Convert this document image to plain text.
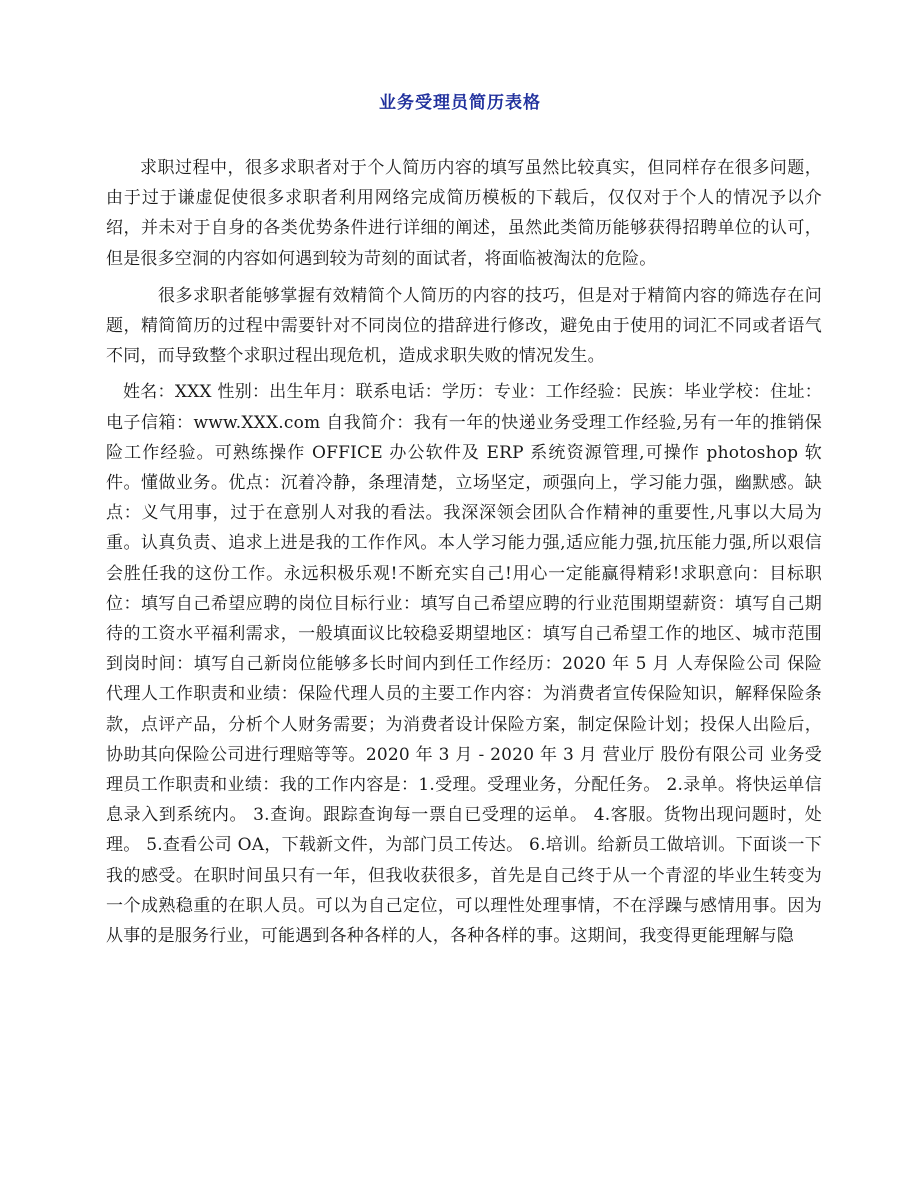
业务受理员简历表格

求职过程中，很多求职者对于个人简历内容的填写虽然比较真实，但同样存在很多问题，由于过于谦虚促使很多求职者利用网络完成简历模板的下载后，仅仅对于个人的情况予以介绍，并未对于自身的各类优势条件进行详细的阐述，虽然此类简历能够获得招聘单位的认可，但是很多空洞的内容如何遇到较为苛刻的面试者，将面临被淘汰的危险。

很多求职者能够掌握有效精简个人简历的内容的技巧，但是对于精简内容的筛选存在问题，精简简历的过程中需要针对不同岗位的措辞进行修改，避免由于使用的词汇不同或者语气不同，而导致整个求职过程出现危机，造成求职失败的情况发生。

姓名：XXX 性别：出生年月：联系电话：学历：专业：工作经验：民族：毕业学校：住址：电子信箱：www.XXX.com 自我简介：我有一年的快递业务受理工作经验,另有一年的推销保险工作经验。可熟练操作 OFFICE 办公软件及 ERP 系统资源管理,可操作 photoshop 软件。懂做业务。优点：沉着冷静，条理清楚，立场坚定，顽强向上，学习能力强，幽默感。缺点：义气用事，过于在意别人对我的看法。我深深领会团队合作精神的重要性,凡事以大局为重。认真负责、追求上进是我的工作作风。本人学习能力强,适应能力强,抗压能力强,所以艰信会胜任我的这份工作。永远积极乐观!不断充实自己!用心一定能赢得精彩!求职意向：目标职位：填写自己希望应聘的岗位目标行业：填写自己希望应聘的行业范围期望薪资：填写自己期待的工资水平福利需求，一般填面议比较稳妥期望地区：填写自己希望工作的地区、城市范围到岗时间：填写自己新岗位能够多长时间内到任工作经历：2020 年 5 月 人寿保险公司 保险代理人工作职责和业绩：保险代理人员的主要工作内容：为消费者宣传保险知识，解释保险条款，点评产品，分析个人财务需要；为消费者设计保险方案，制定保险计划；投保人出险后，协助其向保险公司进行理赔等等。2020 年 3 月 - 2020 年 3 月 营业厅 股份有限公司 业务受理员工作职责和业绩：我的工作内容是：1.受理。受理业务，分配任务。 2.录单。将快运单信息录入到系统内。 3.查询。跟踪查询每一票自已受理的运单。 4.客服。货物出现问题时，处理。 5.查看公司 OA，下载新文件，为部门员工传达。 6.培训。给新员工做培训。下面谈一下我的感受。在职时间虽只有一年，但我收获很多，首先是自己终于从一个青涩的毕业生转变为一个成熟稳重的在职人员。可以为自己定位，可以理性处理事情，不在浮躁与感情用事。因为从事的是服务行业，可能遇到各种各样的人，各种各样的事。这期间，我变得更能理解与隐
